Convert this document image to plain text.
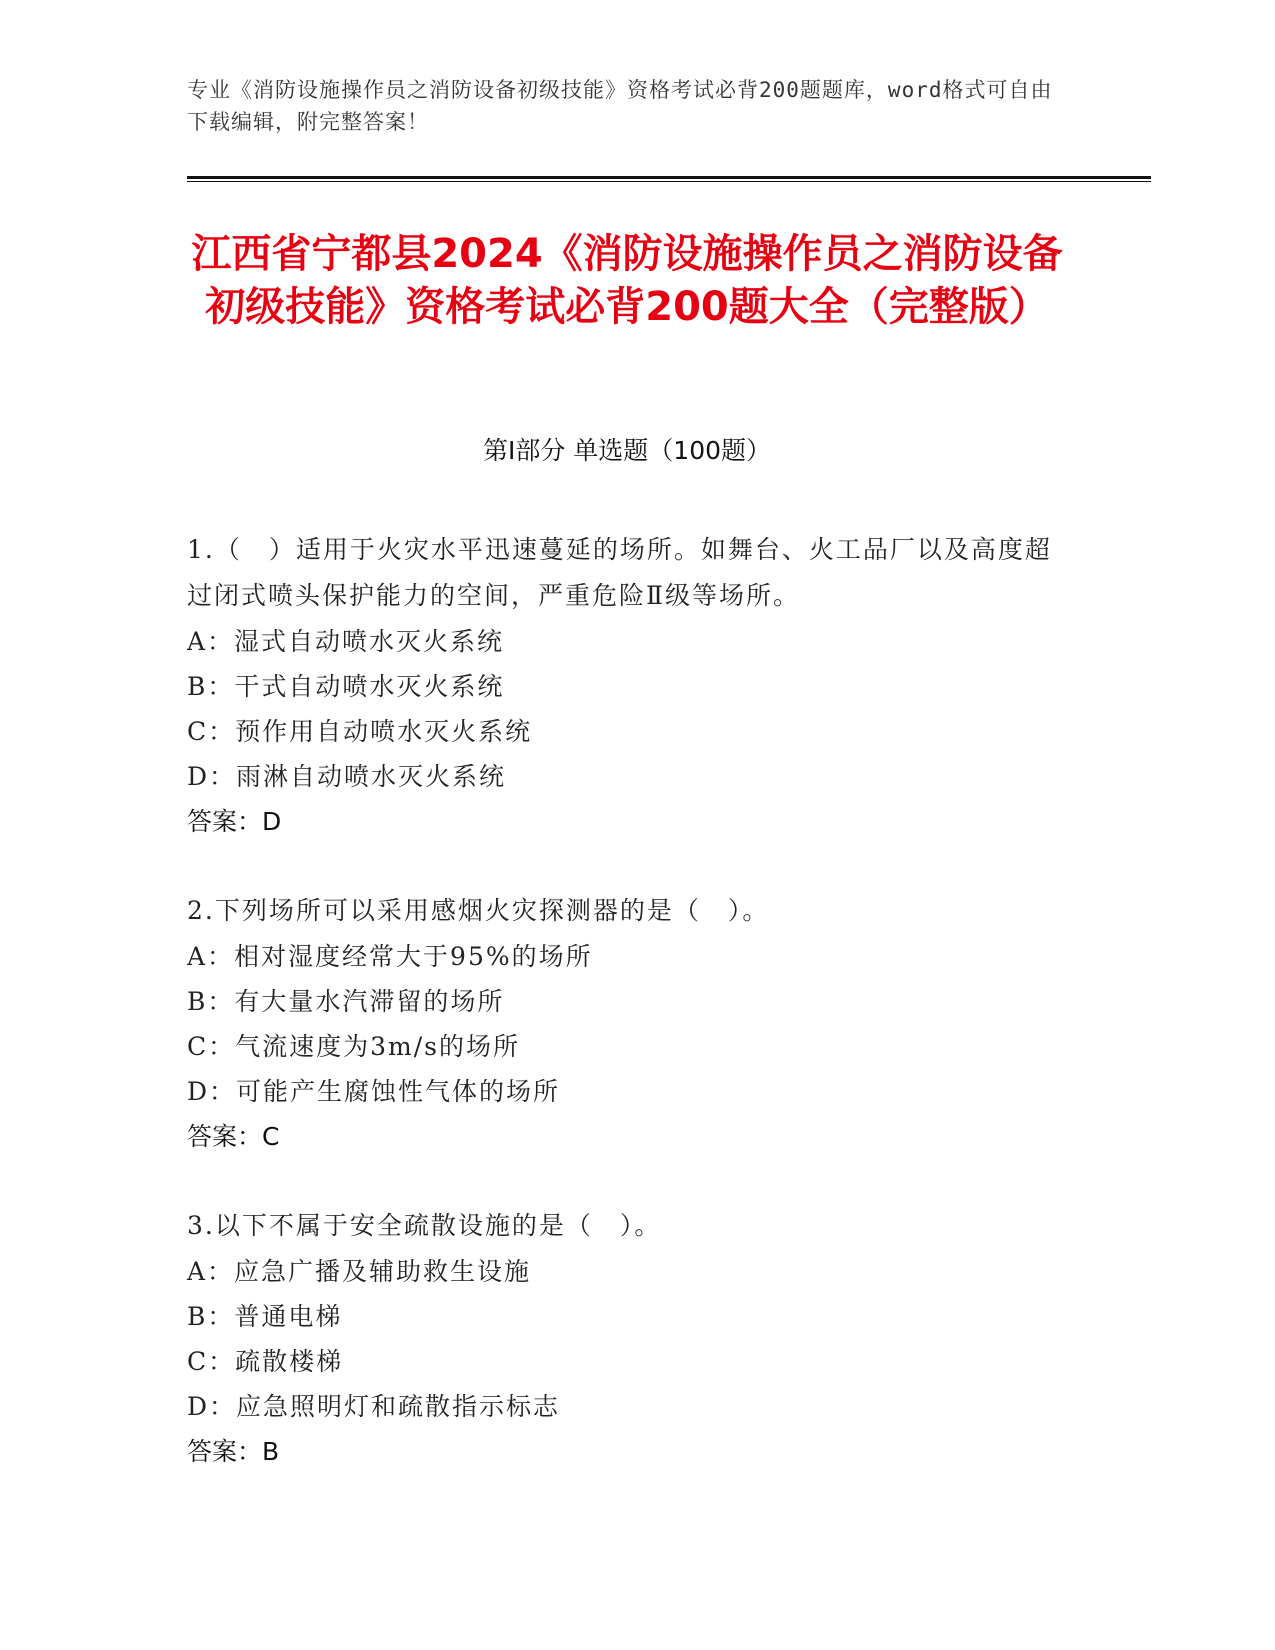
专业《消防设施操作员之消防设备初级技能》资格考试必背200题题库，word格式可自由下载编辑，附完整答案！
江西省宁都县2024《消防设施操作员之消防设备初级技能》资格考试必背200题大全（完整版）
第Ⅰ部分 单选题（100题）
1.（　）适用于火灾水平迅速蔓延的场所。如舞台、火工品厂以及高度超过闭式喷头保护能力的空间，严重危险Ⅱ级等场所。
A：湿式自动喷水灭火系统
B：干式自动喷水灭火系统
C：预作用自动喷水灭火系统
D：雨淋自动喷水灭火系统
答案：D
2.下列场所可以采用感烟火灾探测器的是（　）。
A：相对湿度经常大于95%的场所
B：有大量水汽滞留的场所
C：气流速度为3m/s的场所
D：可能产生腐蚀性气体的场所
答案：C
3.以下不属于安全疏散设施的是（　）。
A：应急广播及辅助救生设施
B：普通电梯
C：疏散楼梯
D：应急照明灯和疏散指示标志
答案：B
